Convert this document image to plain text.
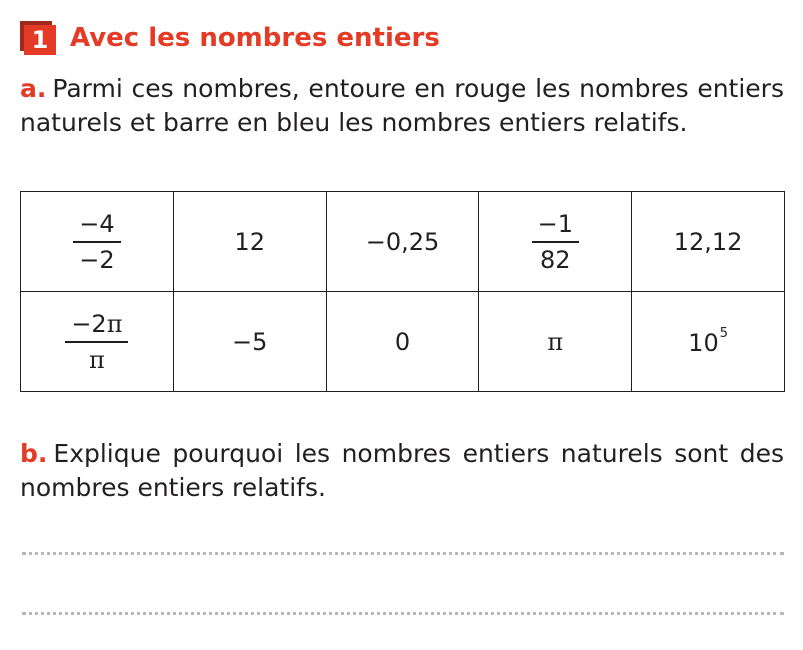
1 Avec les nombres entiers
a. Parmi ces nombres, entoure en rouge les nombres entiers naturels et barre en bleu les nombres entiers relatifs.
$\frac{-4}{-2}$	12	−0,25	$\frac{-1}{82}$	12,12

$\frac{-2\pi}{\pi}$	−5	0	π	$10^5$
b. Explique pourquoi les nombres entiers naturels sont des nombres entiers relatifs.
